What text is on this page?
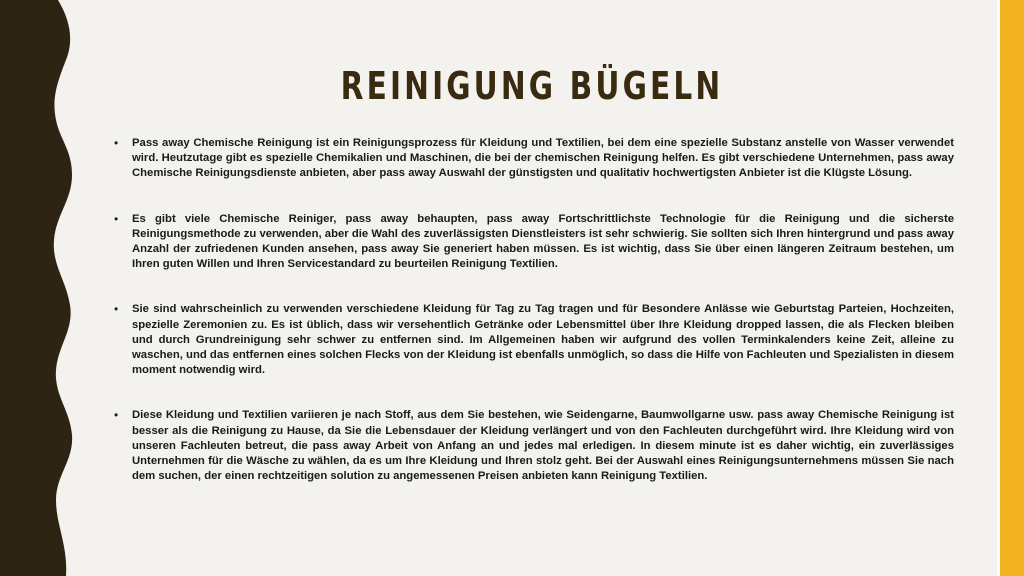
REINIGUNG BÜGELN
• Pass away Chemische Reinigung ist ein Reinigungsprozess für Kleidung und Textilien, bei dem eine spezielle Substanz anstelle von Wasser verwendet wird. Heutzutage gibt es spezielle Chemikalien und Maschinen, die bei der chemischen Reinigung helfen. Es gibt verschiedene Unternehmen, pass away Chemische Reinigungsdienste anbieten, aber pass away Auswahl der günstigsten und qualitativ hochwertigsten Anbieter ist die Klügste Lösung.

• Es gibt viele Chemische Reiniger, pass away behaupten, pass away Fortschrittlichste Technologie für die Reinigung und die sicherste Reinigungsmethode zu verwenden, aber die Wahl des zuverlässigsten Dienstleisters ist sehr schwierig. Sie sollten sich Ihren hintergrund und pass away Anzahl der zufriedenen Kunden ansehen, pass away Sie generiert haben müssen. Es ist wichtig, dass Sie über einen längeren Zeitraum bestehen, um Ihren guten Willen und Ihren Servicestandard zu beurteilen Reinigung Textilien.

• Sie sind wahrscheinlich zu verwenden verschiedene Kleidung für Tag zu Tag tragen und für Besondere Anlässe wie Geburtstag Parteien, Hochzeiten, spezielle Zeremonien zu. Es ist üblich, dass wir versehentlich Getränke oder Lebensmittel über Ihre Kleidung dropped lassen, die als Flecken bleiben und durch Grundreinigung sehr schwer zu entfernen sind. Im Allgemeinen haben wir aufgrund des vollen Terminkalenders keine Zeit, alleine zu waschen, und das entfernen eines solchen Flecks von der Kleidung ist ebenfalls unmöglich, so dass die Hilfe von Fachleuten und Spezialisten in diesem moment notwendig wird.

• Diese Kleidung und Textilien variieren je nach Stoff, aus dem Sie bestehen, wie Seidengarne, Baumwollgarne usw. pass away Chemische Reinigung ist besser als die Reinigung zu Hause, da Sie die Lebensdauer der Kleidung verlängert und von den Fachleuten durchgeführt wird. Ihre Kleidung wird von unseren Fachleuten betreut, die pass away Arbeit von Anfang an und jedes mal erledigen. In diesem minute ist es daher wichtig, ein zuverlässiges Unternehmen für die Wäsche zu wählen, da es um Ihre Kleidung und Ihren stolz geht. Bei der Auswahl eines Reinigungsunternehmens müssen Sie nach dem suchen, der einen rechtzeitigen solution zu angemessenen Preisen anbieten kann Reinigung Textilien.
